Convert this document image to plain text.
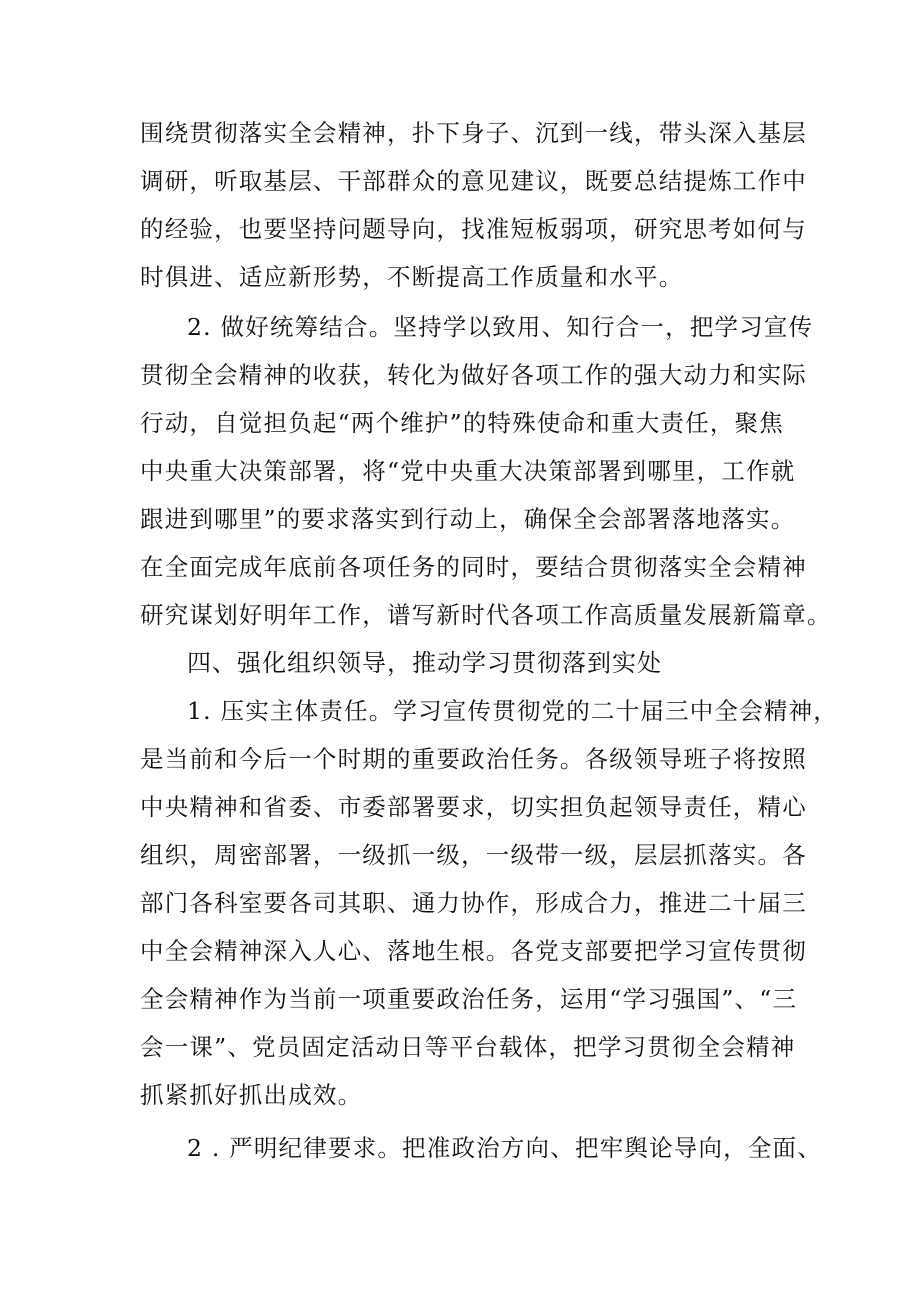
围绕贯彻落实全会精神，扑下身子、沉到一线，带头深入基层
调研，听取基层、干部群众的意见建议，既要总结提炼工作中
的经验，也要坚持问题导向，找准短板弱项，研究思考如何与
时俱进、适应新形势，不断提高工作质量和水平。
2. 做好统筹结合。坚持学以致用、知行合一，把学习宣传
贯彻全会精神的收获，转化为做好各项工作的强大动力和实际
行动，自觉担负起“两个维护”的特殊使命和重大责任，聚焦
中央重大决策部署，将“党中央重大决策部署到哪里，工作就
跟进到哪里”的要求落实到行动上，确保全会部署落地落实。
在全面完成年底前各项任务的同时，要结合贯彻落实全会精神
研究谋划好明年工作，谱写新时代各项工作高质量发展新篇章。
四、强化组织领导，推动学习贯彻落到实处
1. 压实主体责任。学习宣传贯彻党的二十届三中全会精神，
是当前和今后一个时期的重要政治任务。各级领导班子将按照
中央精神和省委、市委部署要求，切实担负起领导责任，精心
组织，周密部署，一级抓一级，一级带一级，层层抓落实。各
部门各科室要各司其职、通力协作，形成合力，推进二十届三
中全会精神深入人心、落地生根。各党支部要把学习宣传贯彻
全会精神作为当前一项重要政治任务，运用“学习强国”、“三
会一课”、党员固定活动日等平台载体，把学习贯彻全会精神
抓紧抓好抓出成效。
2 . 严明纪律要求。把准政治方向、把牢舆论导向，全面、
